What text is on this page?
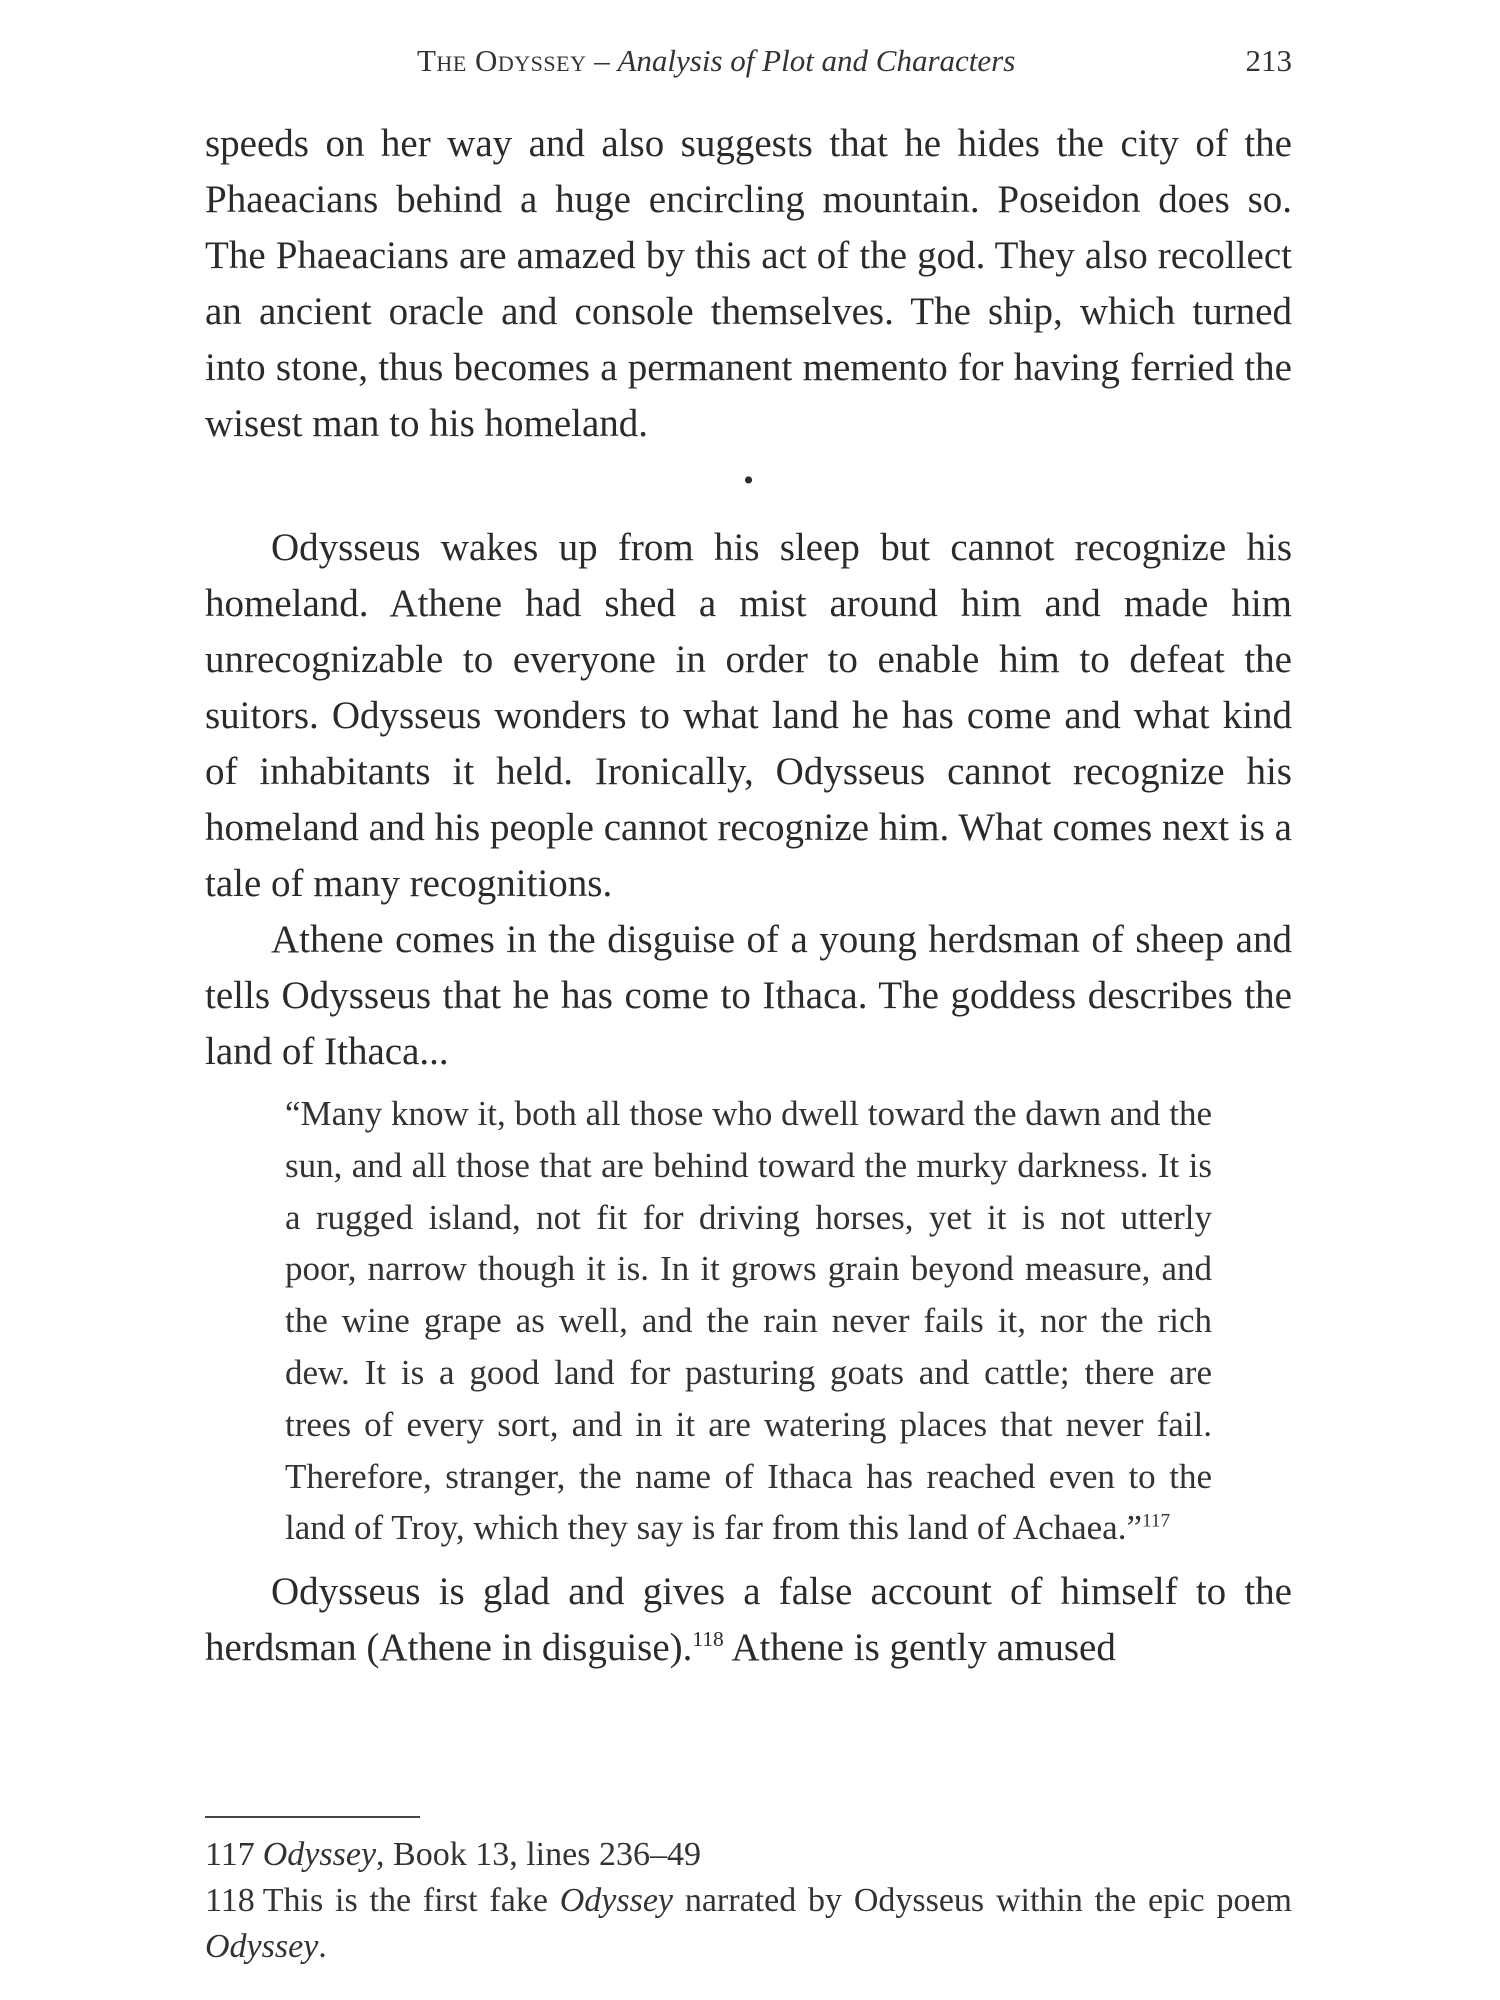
The Odyssey – Analysis of Plot and Characters	213

speeds on her way and also suggests that he hides the city of the Phaeacians behind a huge encircling mountain. Poseidon does so. The Phaeacians are amazed by this act of the god. They also recollect an ancient oracle and console themselves. The ship, which turned into stone, thus becomes a permanent memento for having ferried the wisest man to his homeland.

•

Odysseus wakes up from his sleep but cannot recognize his homeland. Athene had shed a mist around him and made him unrecognizable to everyone in order to enable him to defeat the suitors. Odysseus wonders to what land he has come and what kind of inhabitants it held. Ironically, Odysseus cannot recognize his homeland and his people cannot recognize him. What comes next is a tale of many recognitions.

Athene comes in the disguise of a young herdsman of sheep and tells Odysseus that he has come to Ithaca. The goddess describes the land of Ithaca...

“Many know it, both all those who dwell toward the dawn and the sun, and all those that are behind toward the murky darkness. It is a rugged island, not fit for driving horses, yet it is not utterly poor, narrow though it is. In it grows grain beyond measure, and the wine grape as well, and the rain never fails it, nor the rich dew. It is a good land for pasturing goats and cattle; there are trees of every sort, and in it are watering places that never fail. Therefore, stranger, the name of Ithaca has reached even to the land of Troy, which they say is far from this land of Achaea.”$^{117}$

Odysseus is glad and gives a false account of himself to the herdsman (Athene in disguise).$^{118}$ Athene is gently amused

117 Odyssey, Book 13, lines 236–49

118 This is the first fake Odyssey narrated by Odysseus within the epic poem Odyssey.
